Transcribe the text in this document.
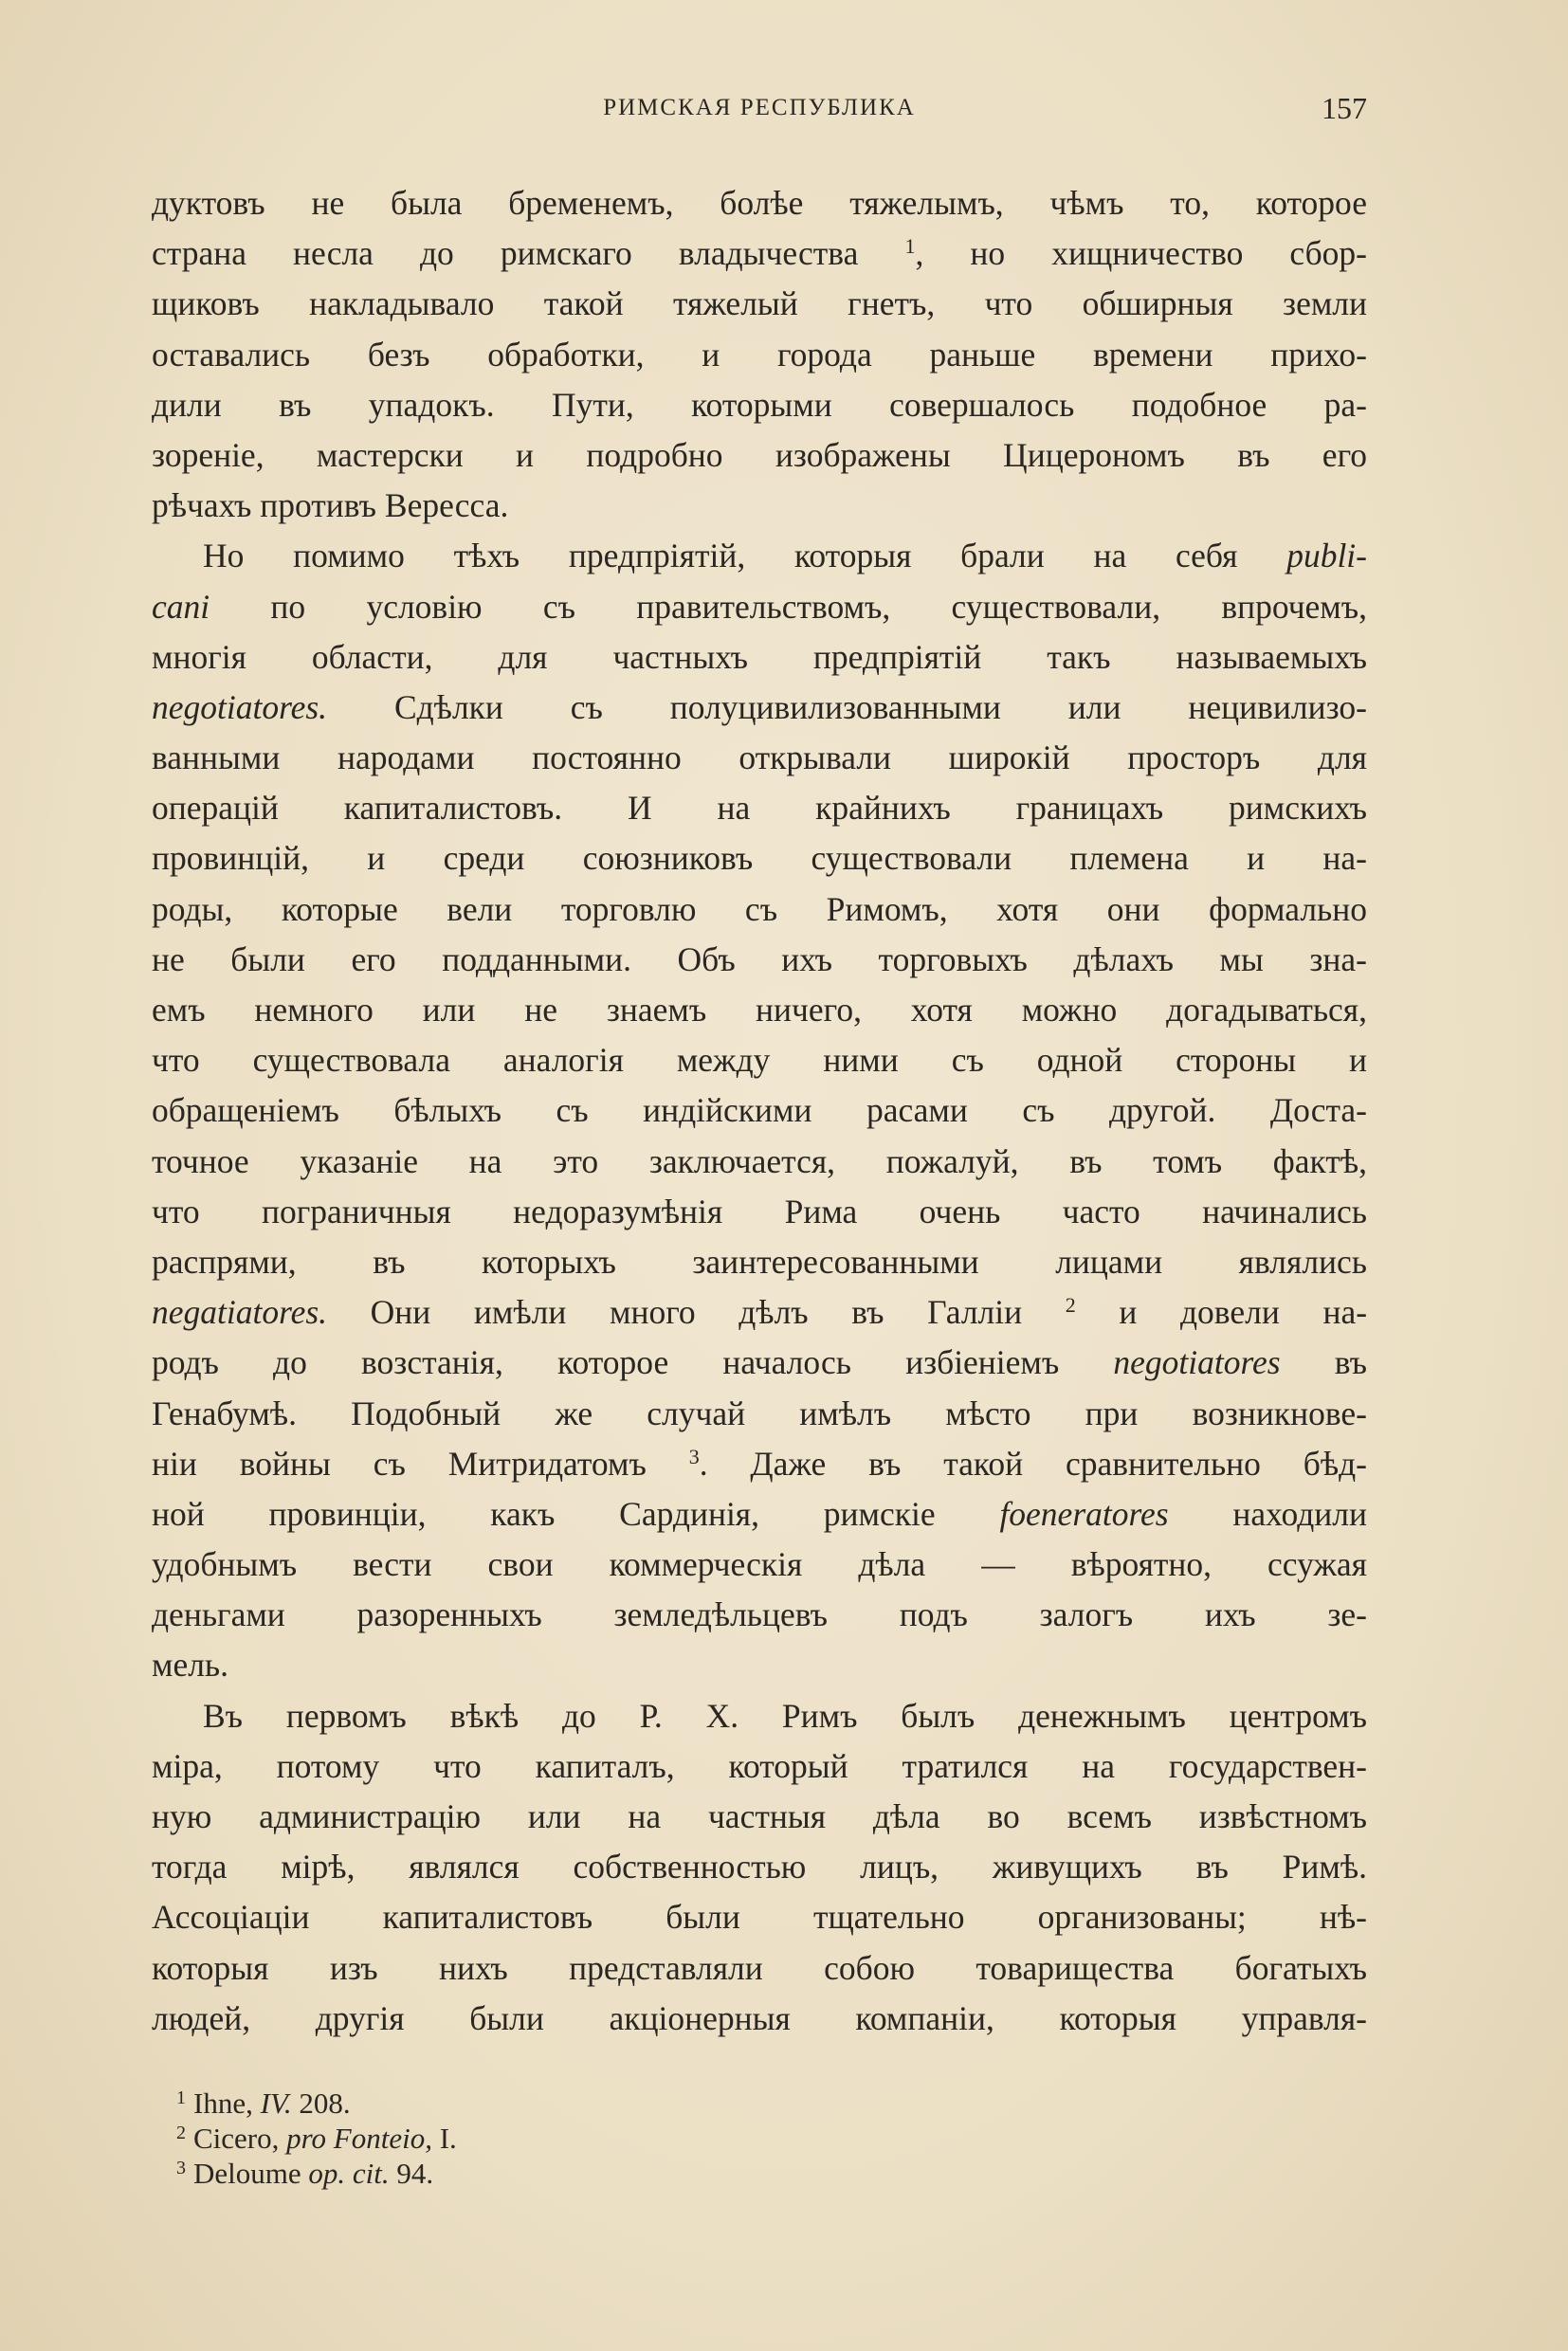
РИМСКАЯ РЕСПУБЛИКА	157
дуктовъ не была бременемъ, болѣе тяжелымъ, чѣмъ то, которое
страна несла до римскаго владычества $^1$, но хищничество сбор-
щиковъ накладывало такой тяжелый гнетъ, что обширныя земли
оставались безъ обработки, и города раньше времени прихо-
дили въ упадокъ. Пути, которыми совершалось подобное ра-
зореніе, мастерски и подробно изображены Цицерономъ въ его
рѣчахъ противъ Вересса.
Но помимо тѣхъ предпріятій, которыя брали на себя publi-
cani по условію съ правительствомъ, существовали, впрочемъ,
многія области, для частныхъ предпріятій такъ называемыхъ
negotiatores. Сдѣлки съ полуцивилизованными или нецивилизо-
ванными народами постоянно открывали широкій просторъ для
операцій капиталистовъ. И на крайнихъ границахъ римскихъ
провинцій, и среди союзниковъ существовали племена и на-
роды, которые вели торговлю съ Римомъ, хотя они формально
не были его подданными. Объ ихъ торговыхъ дѣлахъ мы зна-
емъ немного или не знаемъ ничего, хотя можно догадываться,
что существовала аналогія между ними съ одной стороны и
обращеніемъ бѣлыхъ съ индійскими расами съ другой. Доста-
точное указаніе на это заключается, пожалуй, въ томъ фактѣ,
что пограничныя недоразумѣнія Рима очень часто начинались
распрями, въ которыхъ заинтересованными лицами являлись
negatiatores. Они имѣли много дѣлъ въ Галліи $^2$ и довели на-
родъ до возстанія, которое началось избіеніемъ negotiatores въ
Генабумѣ. Подобный же случай имѣлъ мѣсто при возникнове-
ніи войны съ Митридатомъ $^3$. Даже въ такой сравнительно бѣд-
ной провинціи, какъ Сардинія, римскіе foeneratores находили
удобнымъ вести свои коммерческія дѣла — вѣроятно, ссужая
деньгами разоренныхъ земледѣльцевъ подъ залогъ ихъ зе-
мель.
Въ первомъ вѣкѣ до Р. Х. Римъ былъ денежнымъ центромъ
міра, потому что капиталъ, который тратился на государствен-
ную администрацію или на частныя дѣла во всемъ извѣстномъ
тогда мірѣ, являлся собственностью лицъ, живущихъ въ Римѣ.
Ассоціаціи капиталистовъ были тщательно организованы; нѣ-
которыя изъ нихъ представляли собою товарищества богатыхъ
людей, другія были акціонерныя компаніи, которыя управля-
$^1$ Ihne, IV. 208.
$^2$ Cicero, pro Fonteio, I.
$^3$ Deloume op. cit. 94.
